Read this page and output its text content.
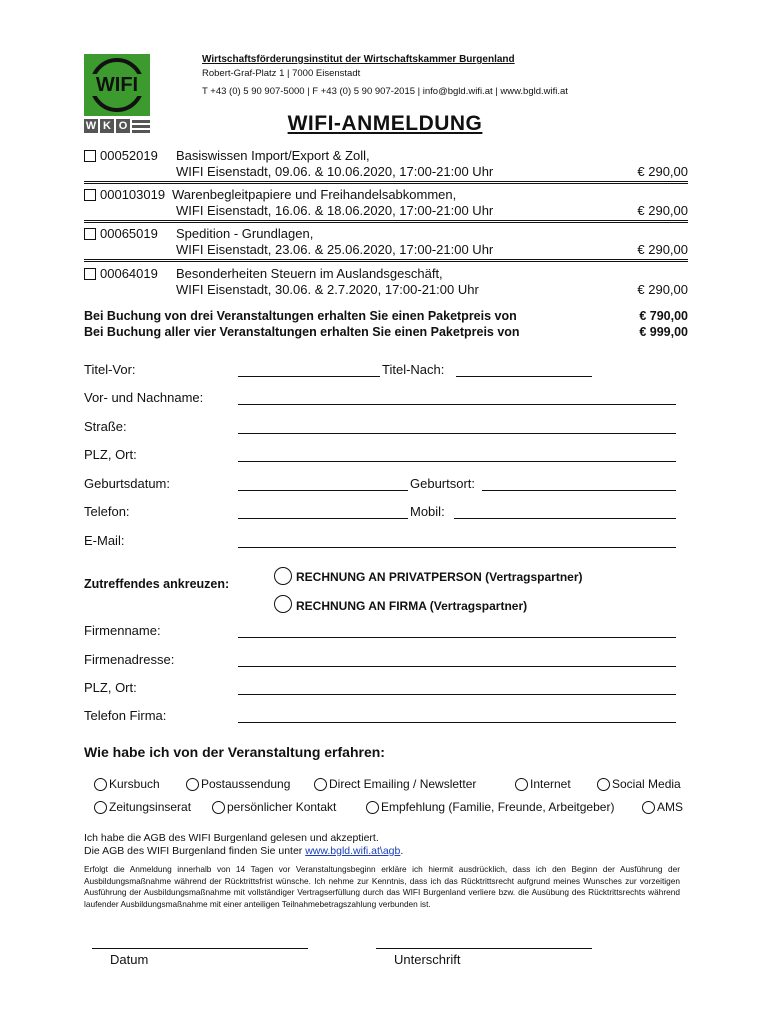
WIFI
W K O
Wirtschaftsförderungsinstitut der Wirtschaftskammer Burgenland
Robert-Graf-Platz 1 | 7000 Eisenstadt
T +43 (0) 5 90 907-5000 | F +43 (0) 5 90 907-2015 | info@bgld.wifi.at | www.bgld.wifi.at
WIFI-ANMELDUNG
00052019 Basiswissen Import/Export & Zoll,
WIFI Eisenstadt, 09.06. & 10.06.2020, 17:00-21:00 Uhr	€ 290,00
000103019 Warenbegleitpapiere und Freihandelsabkommen,
WIFI Eisenstadt, 16.06. & 18.06.2020, 17:00-21:00 Uhr	€ 290,00
00065019 Spedition - Grundlagen,
WIFI Eisenstadt, 23.06. & 25.06.2020, 17:00-21:00 Uhr	€ 290,00
00064019 Besonderheiten Steuern im Auslandsgeschäft,
WIFI Eisenstadt, 30.06. & 2.7.2020, 17:00-21:00 Uhr	€ 290,00
Bei Buchung von drei Veranstaltungen erhalten Sie einen Paketpreis von	€ 790,00
Bei Buchung aller vier Veranstaltungen erhalten Sie einen Paketpreis von	€ 999,00
Titel-Vor:	Titel-Nach:
Vor- und Nachname:
Straße:
PLZ, Ort:
Geburtsdatum:	Geburtsort:
Telefon:	Mobil:
E-Mail:
Zutreffendes ankreuzen:	RECHNUNG AN PRIVATPERSON (Vertragspartner)
RECHNUNG AN FIRMA (Vertragspartner)
Firmenname:
Firmenadresse:
PLZ, Ort:
Telefon Firma:
Wie habe ich von der Veranstaltung erfahren:
Kursbuch	Postaussendung	Direct Emailing / Newsletter	Internet	Social Media
Zeitungsinserat	persönlicher Kontakt	Empfehlung (Familie, Freunde, Arbeitgeber)	AMS
Ich habe die AGB des WIFI Burgenland gelesen und akzeptiert.
Die AGB des WIFI Burgenland finden Sie unter www.bgld.wifi.at\agb.
Erfolgt die Anmeldung innerhalb von 14 Tagen vor Veranstaltungsbeginn erkläre ich hiermit ausdrücklich, dass ich den Beginn der Ausführung der Ausbildungsmaßnahme während der Rücktrittsfrist wünsche. Ich nehme zur Kenntnis, dass ich das Rücktrittsrecht aufgrund meines Wunsches zur vorzeitigen Ausführung der Ausbildungsmaßnahme mit vollständiger Vertragserfüllung durch das WIFI Burgenland verliere bzw. die Ausübung des Rücktrittsrechts während laufender Ausbildungsmaßnahme mit einer anteiligen Teilnahmebetragszahlung verbunden ist.
Datum	Unterschrift
